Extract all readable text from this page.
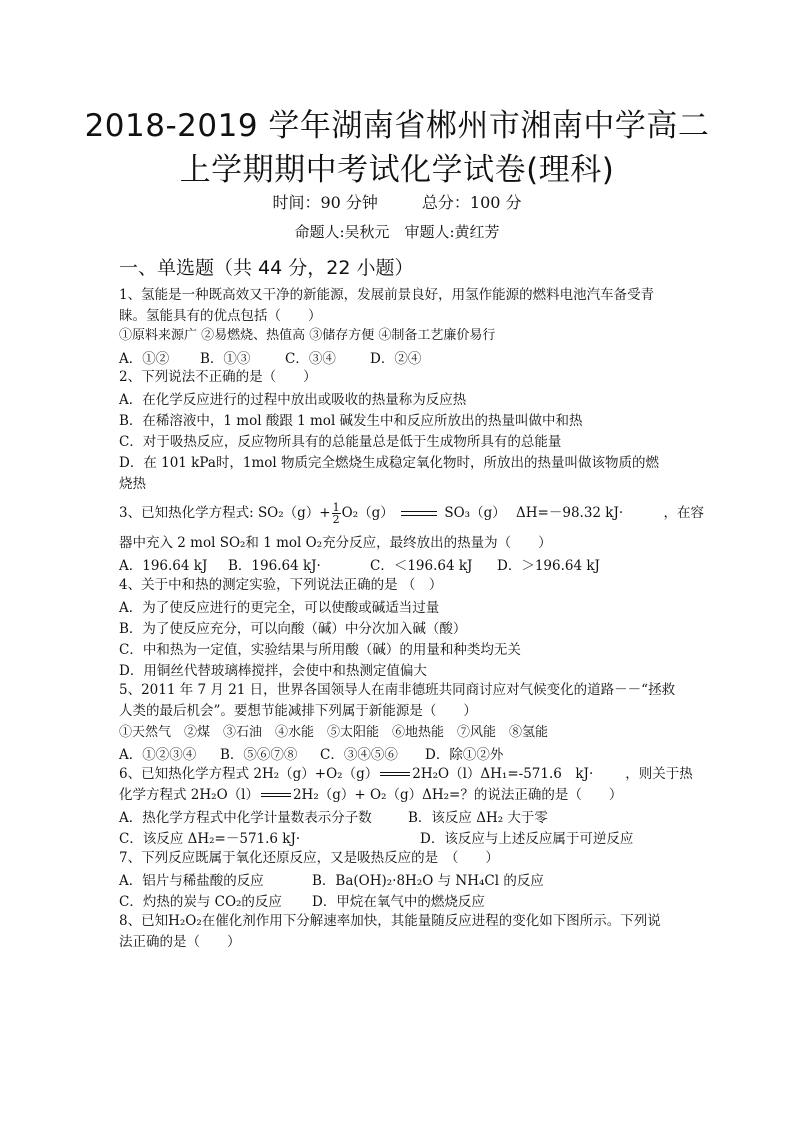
2018-2019 学年湖南省郴州市湘南中学高二
上学期期中考试化学试卷(理科)
时间：90 分钟	总分：100 分
命题人:吴秋元　审题人:黄红芳
一、单选题（共 44 分，22 小题）
1、氢能是一种既高效又干净的新能源，发展前景良好，用氢作能源的燃料电池汽车备受青
睐。氢能具有的优点包括（　　）
①原料来源广 ②易燃烧、热值高 ③储存方便 ④制备工艺廉价易行
A．①② B．①③	C．③④	D．②④
2、下列说法不正确的是（　　）
A．在化学反应进行的过程中放出或吸收的热量称为反应热
B．在稀溶液中，1 mol 酸跟 1 mol 碱发生中和反应所放出的热量叫做中和热
C．对于吸热反应，反应物所具有的总能量总是低于生成物所具有的总能量
D．在 101 kPa时，1mol 物质完全燃烧生成稳定氧化物时，所放出的热量叫做该物质的燃
烧热
3、已知热化学方程式: $SO_2(g)+ \frac{1}{2} O_2(g)$	SO₃（g） ΔH=－98.32 kJ·	，在容
器中充入 2 mol SO₂和 1 mol O₂充分反应，最终放出的热量为（　　）
A．196.64 kJ B．196.64 kJ·	C．＜196.64 kJ D．＞196.64 kJ
4、关于中和热的测定实验，下列说法正确的是 （　）
A．为了使反应进行的更完全，可以使酸或碱适当过量
B．为了使反应充分，可以向酸（碱）中分次加入碱（酸）
C．中和热为一定值，实验结果与所用酸（碱）的用量和种类均无关
D．用铜丝代替玻璃棒搅拌，会使中和热测定值偏大
5、2011 年 7 月 21 日，世界各国领导人在南非德班共同商讨应对气候变化的道路－－“拯救
人类的最后机会”。要想节能减排下列属于新能源是（　　）
①天然气　②煤　③石油　④水能　⑤太阳能　⑥地热能　⑦风能　⑧氢能
A．①②③④ B．⑤⑥⑦⑧ C．③④⑤⑥ D．除①②外
6、已知热化学方程式 2H₂（g）+O₂（g）	2H₂O（l）ΔH₁=-571.6　kJ· ，则关于热
化学方程式 2H₂O（l）	2H₂（g）+ O₂（g）ΔH₂=？的说法正确的是（　　）
A．热化学方程式中化学计量数表示分子数	B．该反应 ΔH₂ 大于零
C．该反应 ΔH₂=－571.6 kJ·	D．该反应与上述反应属于可逆反应
7、下列反应既属于氧化还原反应，又是吸热反应的是　（　　）
A．铝片与稀盐酸的反应	B．Ba(OH)₂·8H₂O 与 NH₄Cl 的反应
C．灼热的炭与 CO₂的反应 D．甲烷在氧气中的燃烧反应
8、已知H₂O₂在催化剂作用下分解速率加快，其能量随反应进程的变化如下图所示。下列说
法正确的是（　　）
